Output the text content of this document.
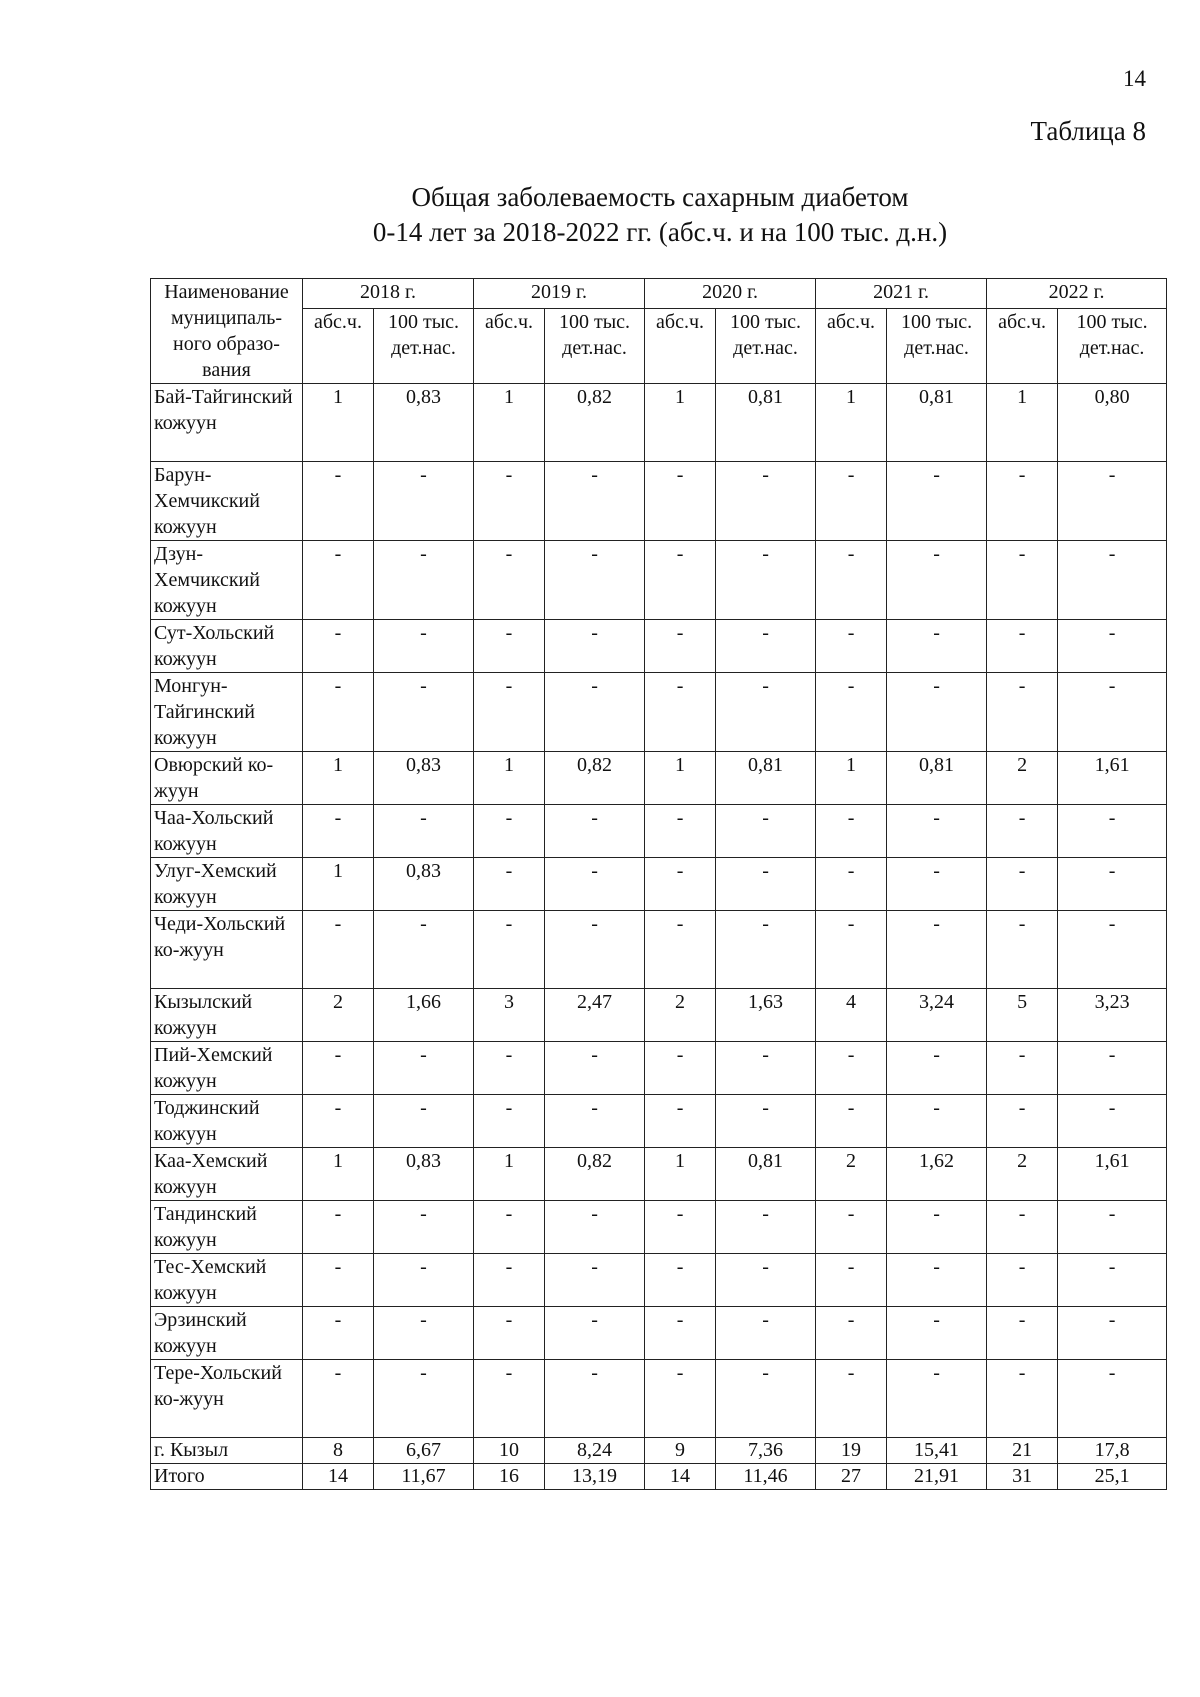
14
Таблица 8
Общая заболеваемость сахарным диабетом
0-14 лет за 2018-2022 гг. (абс.ч. и на 100 тыс. д.н.)
Наименование муниципаль-ного образо-вания	2018 г.		2019 г.		2020 г.		2021 г.		2022 г.	
	абс.ч.	100 тыс. дет.нас.	абс.ч.	100 тыс. дет.нас.	абс.ч.	100 тыс. дет.нас.	абс.ч.	100 тыс. дет.нас.	абс.ч.	100 тыс. дет.нас.
Бай-Тайгинский кожуун	1	0,83	1	0,82	1	0,81	1	0,81	1	0,80
Барун-Хемчикский кожуун	-	-	-	-	-	-	-	-	-	-
Дзун-Хемчикский кожуун	-	-	-	-	-	-	-	-	-	-
Сут-Хольский кожуун	-	-	-	-	-	-	-	-	-	-
Монгун-Тайгинский кожуун	-	-	-	-	-	-	-	-	-	-
Овюрский ко-жуун	1	0,83	1	0,82	1	0,81	1	0,81	2	1,61
Чаа-Хольский кожуун	-	-	-	-	-	-	-	-	-	-
Улуг-Хемский кожуун	1	0,83	-	-	-	-	-	-	-	-
Чеди-Хольский ко-жуун	-	-	-	-	-	-	-	-	-	-
Кызылский кожуун	2	1,66	3	2,47	2	1,63	4	3,24	5	3,23
Пий-Хемский кожуун	-	-	-	-	-	-	-	-	-	-
Тоджинский кожуун	-	-	-	-	-	-	-	-	-	-
Каа-Хемский кожуун	1	0,83	1	0,82	1	0,81	2	1,62	2	1,61
Тандинский кожуун	-	-	-	-	-	-	-	-	-	-
Тес-Хемский кожуун	-	-	-	-	-	-	-	-	-	-
Эрзинский кожуун	-	-	-	-	-	-	-	-	-	-
Тере-Хольский ко-жуун	-	-	-	-	-	-	-	-	-	-
г. Кызыл	8	6,67	10	8,24	9	7,36	19	15,41	21	17,8
Итого	14	11,67	16	13,19	14	11,46	27	21,91	31	25,1
